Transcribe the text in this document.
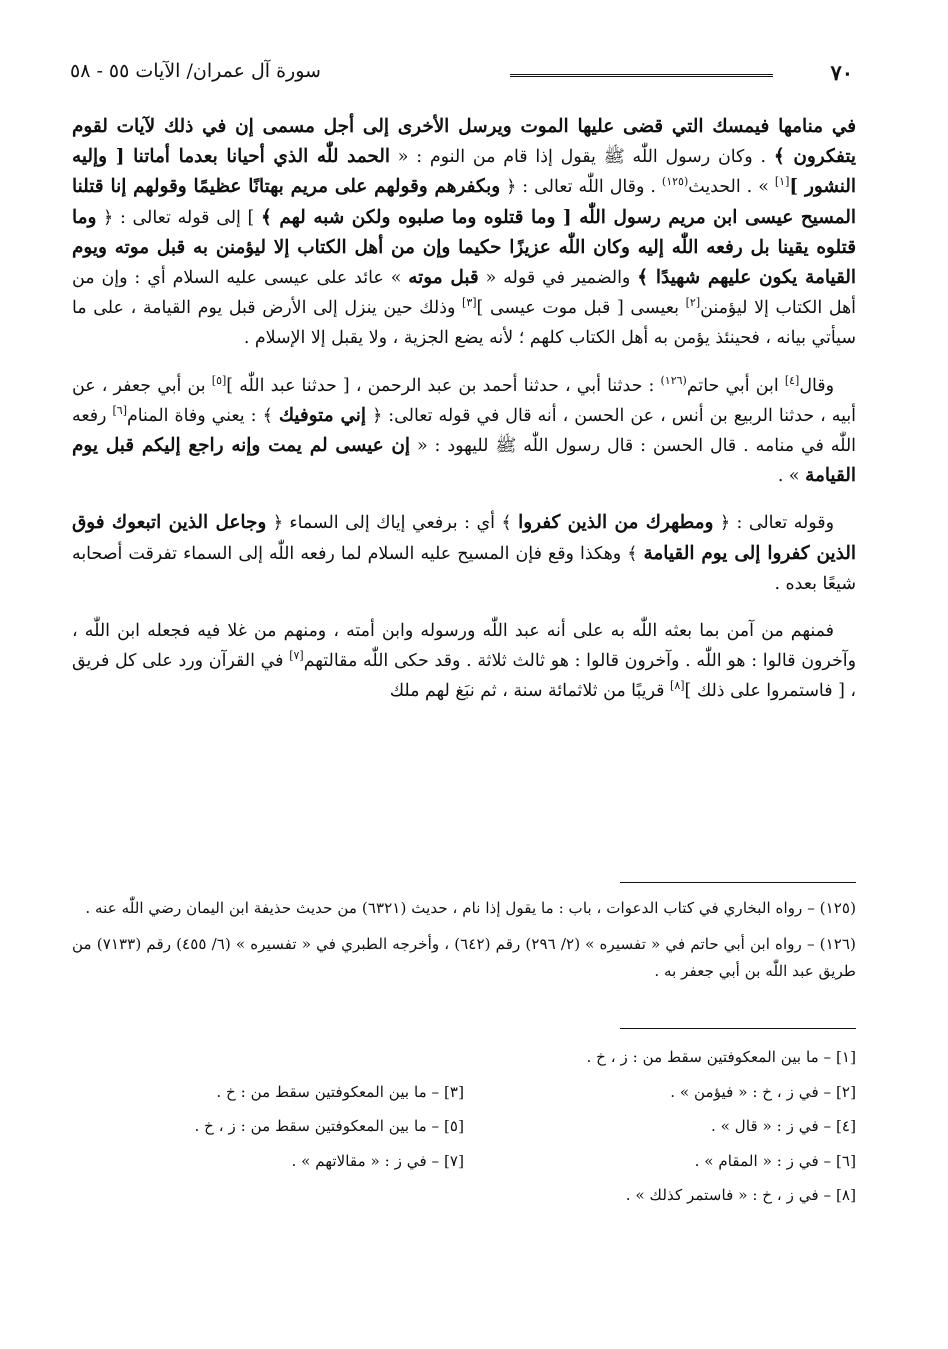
٧٠
سورة آل عمران/ الآيات ٥٥ - ٥٨

في منامها فيمسك التي قضى عليها الموت ويرسل الأخرى إلى أجل مسمى إن في ذلك لآيات لقوم يتفكرون ﴾ . وكان رسول اللّٰه ﷺ يقول إذا قام من النوم : « الحمد للّٰه الذي أحيانا بعدما أماتنا [ وإليه النشور ][١] » . الحديث$^{(١٢٥)}$ . وقال اللّٰه تعالى : ﴿ وبكفرهم وقولهم على مريم بهتانًا عظيمًا وقولهم إنا قتلنا المسيح عيسى ابن مريم رسول اللّٰه [ وما قتلوه وما صلبوه ولكن شبه لهم ﴾ ] إلى قوله تعالى : ﴿ وما قتلوه يقينا بل رفعه اللّٰه إليه وكان اللّٰه عزيزًا حكيما وإن من أهل الكتاب إلا ليؤمنن به قبل موته ويوم القيامة يكون عليهم شهيدًا ﴾ والضمير في قوله « قبل موته » عائد على عيسى عليه السلام أي : وإن من أهل الكتاب إلا ليؤمنن[٢] بعيسى [ قبل موت عيسى ][٣] وذلك حين ينزل إلى الأرض قبل يوم القيامة ، على ما سيأتي بيانه ، فحينئذ يؤمن به أهل الكتاب كلهم ؛ لأنه يضع الجزية ، ولا يقبل إلا الإسلام .

وقال[٤] ابن أبي حاتم$^{(١٢٦)}$ : حدثنا أبي ، حدثنا أحمد بن عبد الرحمن ، [ حدثنا عبد اللّٰه ][٥] بن أبي جعفر ، عن أبيه ، حدثنا الربيع بن أنس ، عن الحسن ، أنه قال في قوله تعالى: ﴿ إني متوفيك ﴾ : يعني وفاة المنام[٦] رفعه اللّٰه في منامه . قال الحسن : قال رسول اللّٰه ﷺ لليهود : « إن عيسى لم يمت وإنه راجع إليكم قبل يوم القيامة » .

وقوله تعالى : ﴿ ومطهرك من الذين كفروا ﴾ أي : برفعي إياك إلى السماء ﴿ وجاعل الذين اتبعوك فوق الذين كفروا إلى يوم القيامة ﴾ وهكذا وقع فإن المسيح عليه السلام لما رفعه اللّٰه إلى السماء تفرقت أصحابه شيعًا بعده .

فمنهم من آمن بما بعثه اللّٰه به على أنه عبد اللّٰه ورسوله وابن أمته ، ومنهم من غلا فيه فجعله ابن اللّٰه ، وآخرون قالوا : هو اللّٰه . وآخرون قالوا : هو ثالث ثلاثة . وقد حكى اللّٰه مقالتهم[٧] في القرآن ورد على كل فريق ، [ فاستمروا على ذلك ][٨] قريبًا من ثلاثمائة سنة ، ثم نبَغ لهم ملك

(١٢٥) – رواه البخاري في كتاب الدعوات ، باب : ما يقول إذا نام ، حديث (٦٣٢١) من حديث حذيفة ابن اليمان رضي اللّٰه عنه .

(١٢٦) – رواه ابن أبي حاتم في « تفسيره » (٢/ ٢٩٦) رقم (٦٤٢) ، وأخرجه الطبري في « تفسيره » (٦/ ٤٥٥) رقم (٧١٣٣) من طريق عبد اللّٰه بن أبي جعفر به .

[١] – ما بين المعكوفتين سقط من : ز ، خ .
[٢] – في ز ، خ : « فيؤمن » .
[٣] – ما بين المعكوفتين سقط من : خ .
[٤] – في ز : « قال » .
[٥] – ما بين المعكوفتين سقط من : ز ، خ .
[٦] – في ز : « المقام » .
[٧] – في ز : « مقالاتهم » .
[٨] – في ز ، خ : « فاستمر كذلك » .
